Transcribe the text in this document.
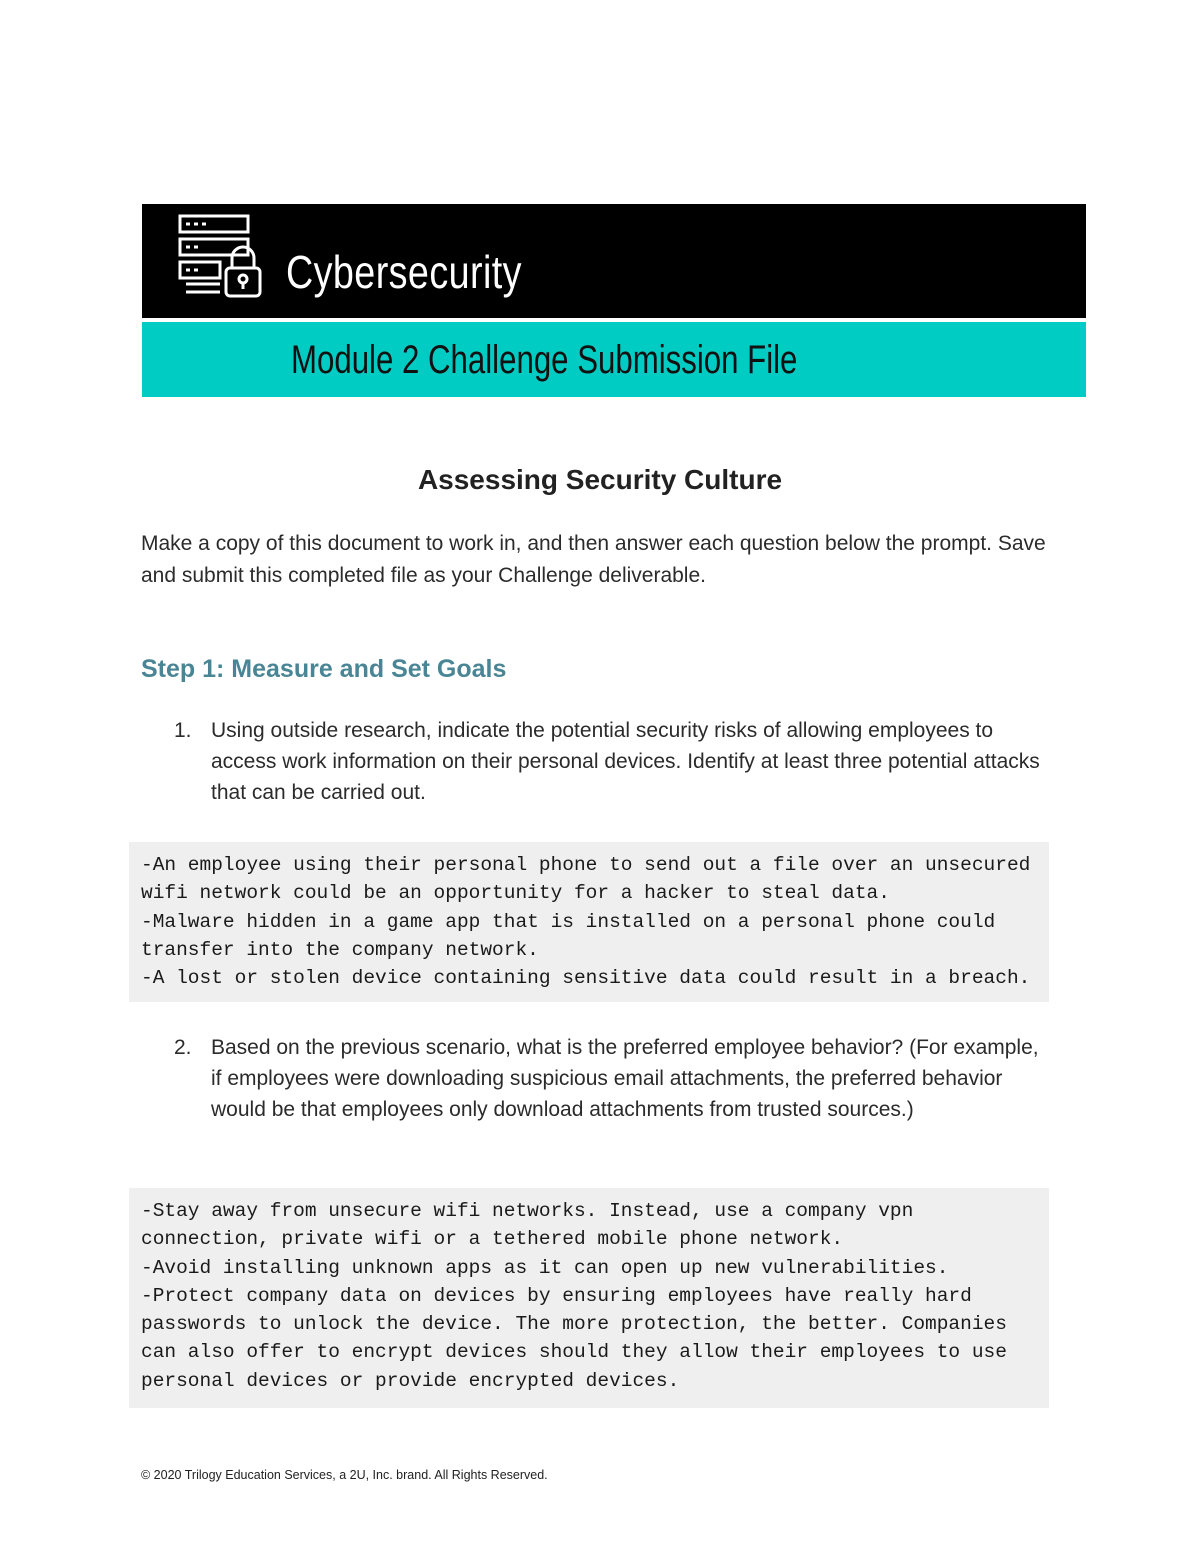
Cybersecurity
Module 2 Challenge Submission File
Assessing Security Culture
Make a copy of this document to work in, and then answer each question below the prompt. Save and submit this completed file as your Challenge deliverable.
Step 1: Measure and Set Goals
1. Using outside research, indicate the potential security risks of allowing employees to access work information on their personal devices. Identify at least three potential attacks that can be carried out.
-An employee using their personal phone to send out a file over an unsecured wifi network could be an opportunity for a hacker to steal data.
-Malware hidden in a game app that is installed on a personal phone could transfer into the company network.
-A lost or stolen device containing sensitive data could result in a breach.
2. Based on the previous scenario, what is the preferred employee behavior? (For example, if employees were downloading suspicious email attachments, the preferred behavior would be that employees only download attachments from trusted sources.)
-Stay away from unsecure wifi networks. Instead, use a company vpn connection, private wifi or a tethered mobile phone network.
-Avoid installing unknown apps as it can open up new vulnerabilities.
-Protect company data on devices by ensuring employees have really hard passwords to unlock the device. The more protection, the better. Companies can also offer to encrypt devices should they allow their employees to use personal devices or provide encrypted devices.
© 2020 Trilogy Education Services, a 2U, Inc. brand. All Rights Reserved.
